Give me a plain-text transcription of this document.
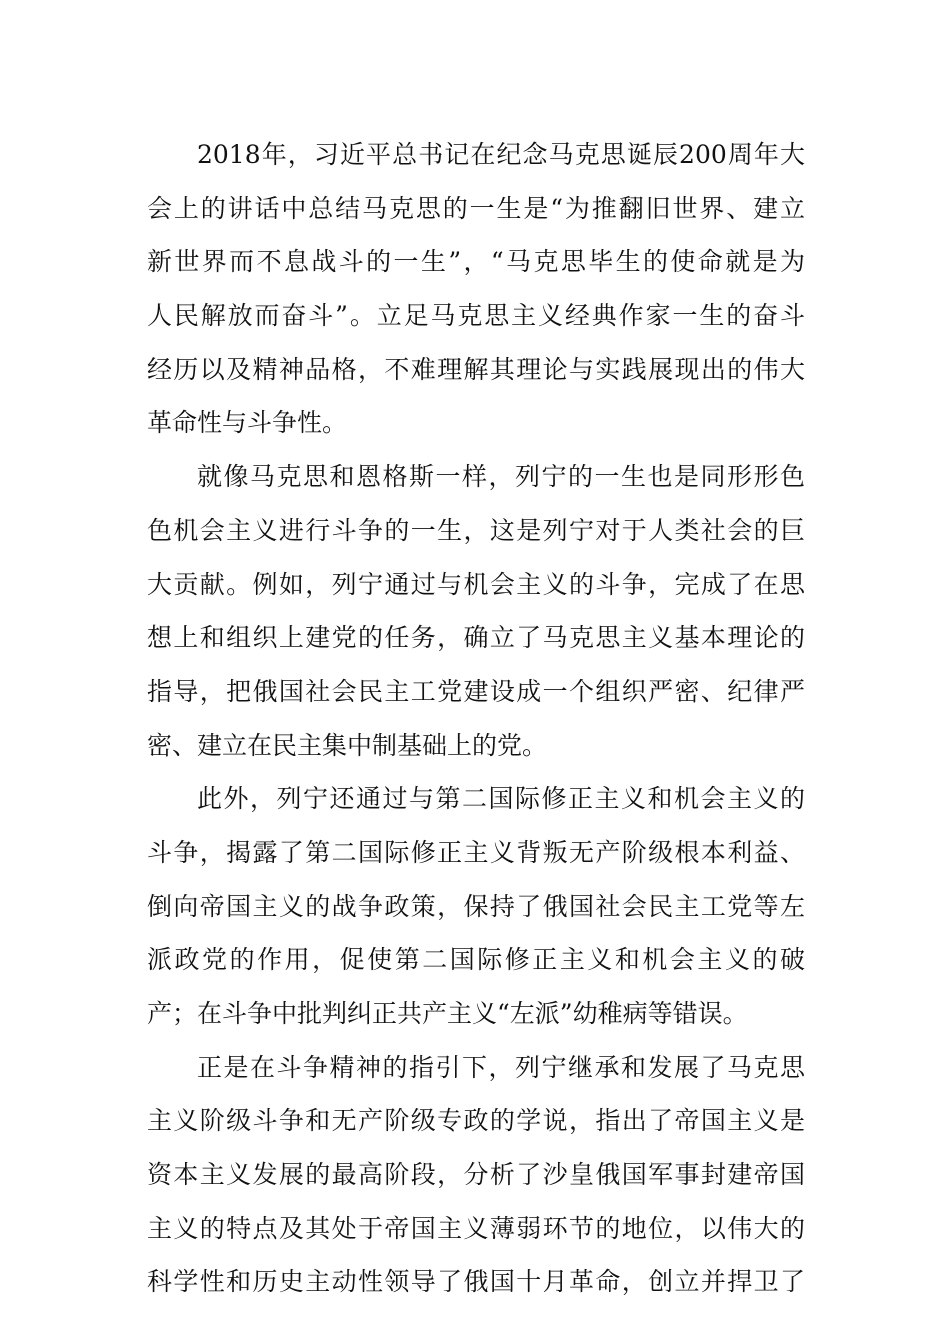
2018年，习近平总书记在纪念马克思诞辰200周年大
会上的讲话中总结马克思的一生是“为推翻旧世界、建立
新世界而不息战斗的一生”，“马克思毕生的使命就是为
人民解放而奋斗”。立足马克思主义经典作家一生的奋斗
经历以及精神品格，不难理解其理论与实践展现出的伟大
革命性与斗争性。
就像马克思和恩格斯一样，列宁的一生也是同形形色
色机会主义进行斗争的一生，这是列宁对于人类社会的巨
大贡献。例如，列宁通过与机会主义的斗争，完成了在思
想上和组织上建党的任务，确立了马克思主义基本理论的
指导，把俄国社会民主工党建设成一个组织严密、纪律严
密、建立在民主集中制基础上的党。
此外，列宁还通过与第二国际修正主义和机会主义的
斗争，揭露了第二国际修正主义背叛无产阶级根本利益、
倒向帝国主义的战争政策，保持了俄国社会民主工党等左
派政党的作用，促使第二国际修正主义和机会主义的破
产；在斗争中批判纠正共产主义“左派”幼稚病等错误。
正是在斗争精神的指引下，列宁继承和发展了马克思
主义阶级斗争和无产阶级专政的学说，指出了帝国主义是
资本主义发展的最高阶段，分析了沙皇俄国军事封建帝国
主义的特点及其处于帝国主义薄弱环节的地位，以伟大的
科学性和历史主动性领导了俄国十月革命，创立并捍卫了
